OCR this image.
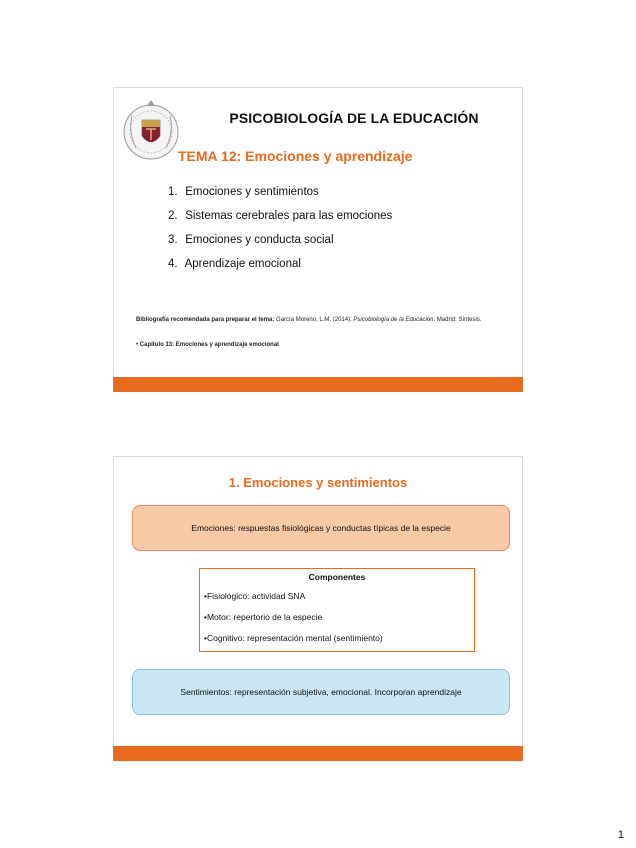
PSICOBIOLOGÍA DE LA EDUCACIÓN
TEMA 12: Emociones y aprendizaje
1. Emociones y sentimientos
2. Sistemas cerebrales para las emociones
3. Emociones y conducta social
4. Aprendizaje emocional
Bibliografía recomendada para preparar el tema: García Moreno, L.M. (2014). Psicobiología de la Educación. Madrid: Síntesis.
• Capítulo 13: Emociones y aprendizaje emocional
1. Emociones y sentimientos
Emociones: respuestas fisiológicas y conductas típicas de la especie
Componentes
•Fisiológico: actividad SNA
•Motor: repertorio de la especie
•Cognitivo: representación mental (sentimiento)
Sentimientos: representación subjetiva, emocional. Incorporan aprendizaje
1
